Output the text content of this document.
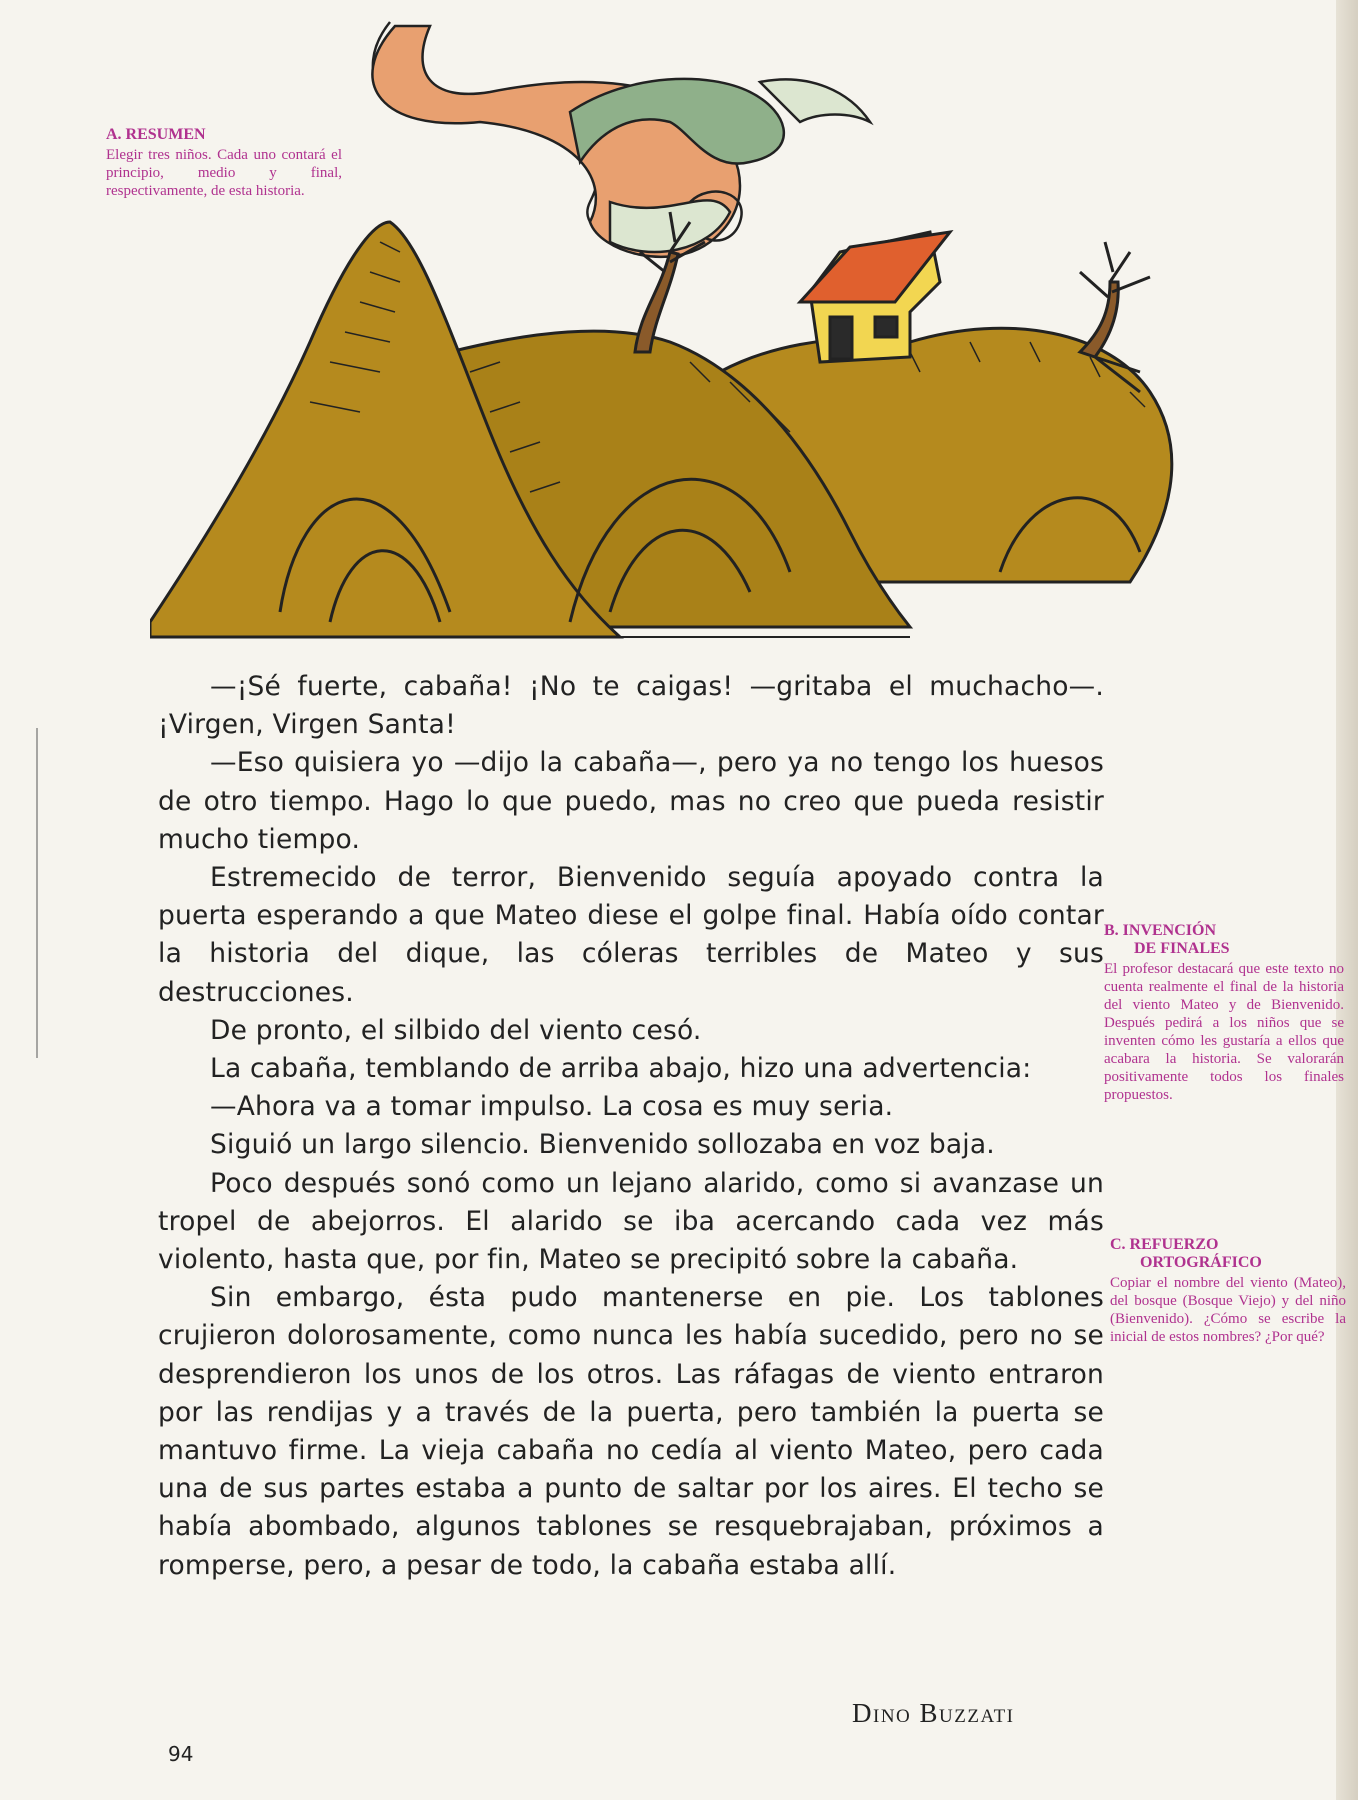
A. RESUMEN

Elegir tres niños. Cada uno contará el principio, medio y final, respectivamente, de esta historia.

—¡Sé fuerte, cabaña! ¡No te caigas! —gritaba el muchacho—. ¡Virgen, Virgen Santa!

—Eso quisiera yo —dijo la cabaña—, pero ya no tengo los huesos de otro tiempo. Hago lo que puedo, mas no creo que pueda resistir mucho tiempo.

Estremecido de terror, Bienvenido seguía apoyado contra la puerta esperando a que Mateo diese el golpe final. Había oído contar la historia del dique, las cóleras terribles de Mateo y sus destrucciones.

De pronto, el silbido del viento cesó.

La cabaña, temblando de arriba abajo, hizo una advertencia:

—Ahora va a tomar impulso. La cosa es muy seria.

Siguió un largo silencio. Bienvenido sollozaba en voz baja.

Poco después sonó como un lejano alarido, como si avanzase un tropel de abejorros. El alarido se iba acercando cada vez más violento, hasta que, por fin, Mateo se precipitó sobre la cabaña.

Sin embargo, ésta pudo mantenerse en pie. Los tablones crujieron dolorosamente, como nunca les había sucedido, pero no se desprendieron los unos de los otros. Las ráfagas de viento entraron por las rendijas y a través de la puerta, pero también la puerta se mantuvo firme. La vieja cabaña no cedía al viento Mateo, pero cada una de sus partes estaba a punto de saltar por los aires. El techo se había abombado, algunos tablones se resquebrajaban, próximos a romperse, pero, a pesar de todo, la cabaña estaba allí.

B. INVENCIÓN
DE FINALES

El profesor destacará que este texto no cuenta realmente el final de la historia del viento Mateo y de Bienvenido. Después pedirá a los niños que se inventen cómo les gustaría a ellos que acabara la historia. Se valorarán positivamente todos los finales propuestos.

C. REFUERZO
ORTOGRÁFICO

Copiar el nombre del viento (Mateo), del bosque (Bosque Viejo) y del niño (Bienvenido). ¿Cómo se escribe la inicial de estos nombres? ¿Por qué?

Dino Buzzati
94
